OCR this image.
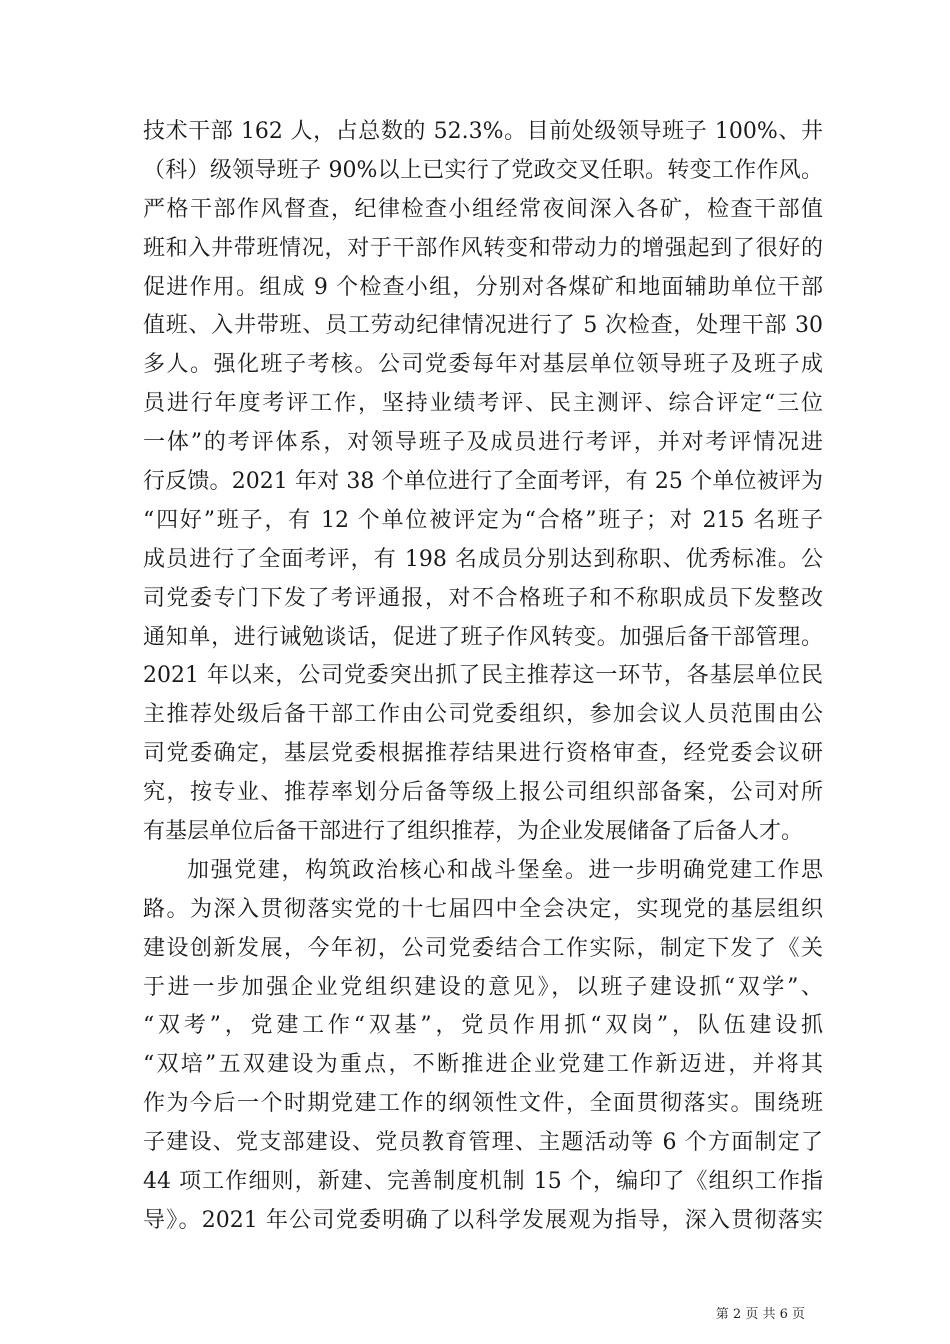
技术干部 162 人，占总数的 52.3%。目前处级领导班子 100%、井
（科）级领导班子 90%以上已实行了党政交叉任职。转变工作作风。
严格干部作风督查，纪律检查小组经常夜间深入各矿，检查干部值
班和入井带班情况，对于干部作风转变和带动力的增强起到了很好的
促进作用。组成 9 个检查小组，分别对各煤矿和地面辅助单位干部
值班、入井带班、员工劳动纪律情况进行了 5 次检查，处理干部 30
多人。强化班子考核。公司党委每年对基层单位领导班子及班子成
员进行年度考评工作，坚持业绩考评、民主测评、综合评定“三位
一体”的考评体系，对领导班子及成员进行考评，并对考评情况进
行反馈。2021 年对 38 个单位进行了全面考评，有 25 个单位被评为
“四好”班子，有 12 个单位被评定为“合格”班子；对 215 名班子
成员进行了全面考评，有 198 名成员分别达到称职、优秀标准。公
司党委专门下发了考评通报，对不合格班子和不称职成员下发整改
通知单，进行诫勉谈话，促进了班子作风转变。加强后备干部管理。
2021 年以来，公司党委突出抓了民主推荐这一环节，各基层单位民
主推荐处级后备干部工作由公司党委组织，参加会议人员范围由公
司党委确定，基层党委根据推荐结果进行资格审查，经党委会议研
究，按专业、推荐率划分后备等级上报公司组织部备案，公司对所
有基层单位后备干部进行了组织推荐，为企业发展储备了后备人才。
加强党建，构筑政治核心和战斗堡垒。进一步明确党建工作思
路。为深入贯彻落实党的十七届四中全会决定，实现党的基层组织
建设创新发展，今年初，公司党委结合工作实际，制定下发了《关
于进一步加强企业党组织建设的意见》，以班子建设抓“双学”、
“双考”，党建工作“双基”，党员作用抓“双岗”，队伍建设抓
“双培”五双建设为重点，不断推进企业党建工作新迈进，并将其
作为今后一个时期党建工作的纲领性文件，全面贯彻落实。围绕班
子建设、党支部建设、党员教育管理、主题活动等 6 个方面制定了
44 项工作细则，新建、完善制度机制 15 个，编印了《组织工作指
导》。2021 年公司党委明确了以科学发展观为指导，深入贯彻落实
第 2 页 共 6 页
